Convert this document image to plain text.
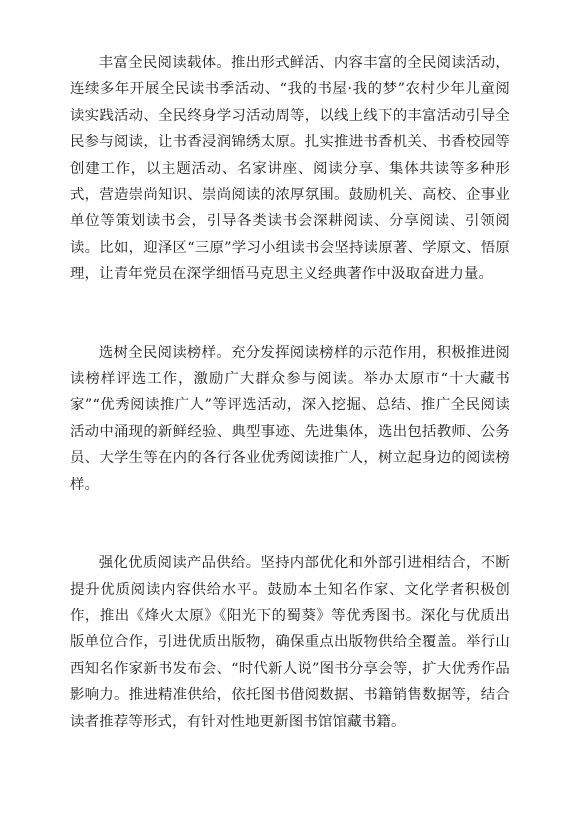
丰富全民阅读载体。推出形式鲜活、内容丰富的全民阅读活动，连续多年开展全民读书季活动、“我的书屋·我的梦”农村少年儿童阅读实践活动、全民终身学习活动周等，以线上线下的丰富活动引导全民参与阅读，让书香浸润锦绣太原。扎实推进书香机关、书香校园等创建工作，以主题活动、名家讲座、阅读分享、集体共读等多种形式，营造崇尚知识、崇尚阅读的浓厚氛围。鼓励机关、高校、企事业单位等策划读书会，引导各类读书会深耕阅读、分享阅读、引领阅读。比如，迎泽区“三原”学习小组读书会坚持读原著、学原文、悟原理，让青年党员在深学细悟马克思主义经典著作中汲取奋进力量。

选树全民阅读榜样。充分发挥阅读榜样的示范作用，积极推进阅读榜样评选工作，激励广大群众参与阅读。举办太原市“十大藏书家”“优秀阅读推广人”等评选活动，深入挖掘、总结、推广全民阅读活动中涌现的新鲜经验、典型事迹、先进集体，选出包括教师、公务员、大学生等在内的各行各业优秀阅读推广人，树立起身边的阅读榜样。

强化优质阅读产品供给。坚持内部优化和外部引进相结合，不断提升优质阅读内容供给水平。鼓励本土知名作家、文化学者积极创作，推出《烽火太原》《阳光下的蜀葵》等优秀图书。深化与优质出版单位合作，引进优质出版物，确保重点出版物供给全覆盖。举行山西知名作家新书发布会、“时代新人说”图书分享会等，扩大优秀作品影响力。推进精准供给，依托图书借阅数据、书籍销售数据等，结合读者推荐等形式，有针对性地更新图书馆馆藏书籍。
